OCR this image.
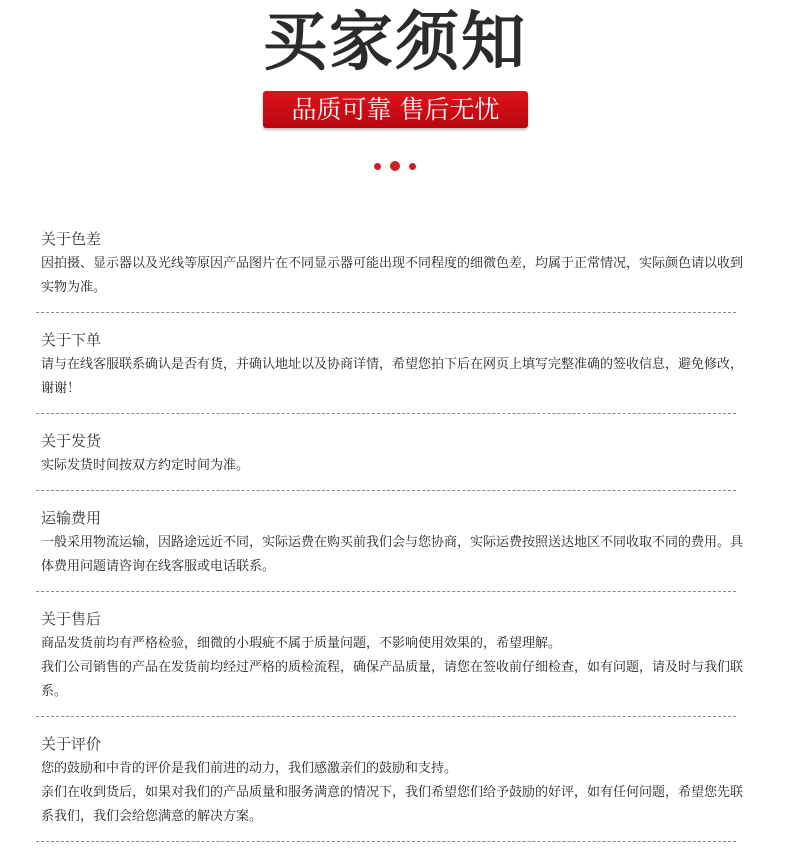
买家须知
品质可靠 售后无忧
关于色差

因拍摄、显示器以及光线等原因产品图片在不同显示器可能出现不同程度的细微色差，均属于正常情况，实际颜色请以收到实物为准。

关于下单

请与在线客服联系确认是否有货，并确认地址以及协商详情，希望您拍下后在网页上填写完整准确的签收信息，避免修改，谢谢！

关于发货

实际发货时间按双方约定时间为准。

运输费用

一般采用物流运输，因路途远近不同，实际运费在购买前我们会与您协商，实际运费按照送达地区不同收取不同的费用。具体费用问题请咨询在线客服或电话联系。

关于售后

商品发货前均有严格检验，细微的小瑕疵不属于质量问题，不影响使用效果的，希望理解。

我们公司销售的产品在发货前均经过严格的质检流程，确保产品质量，请您在签收前仔细检查，如有问题，请及时与我们联系。

关于评价

您的鼓励和中肯的评价是我们前进的动力，我们感激亲们的鼓励和支持。

亲们在收到货后，如果对我们的产品质量和服务满意的情况下，我们希望您们给予鼓励的好评，如有任何问题，希望您先联系我们，我们会给您满意的解决方案。
